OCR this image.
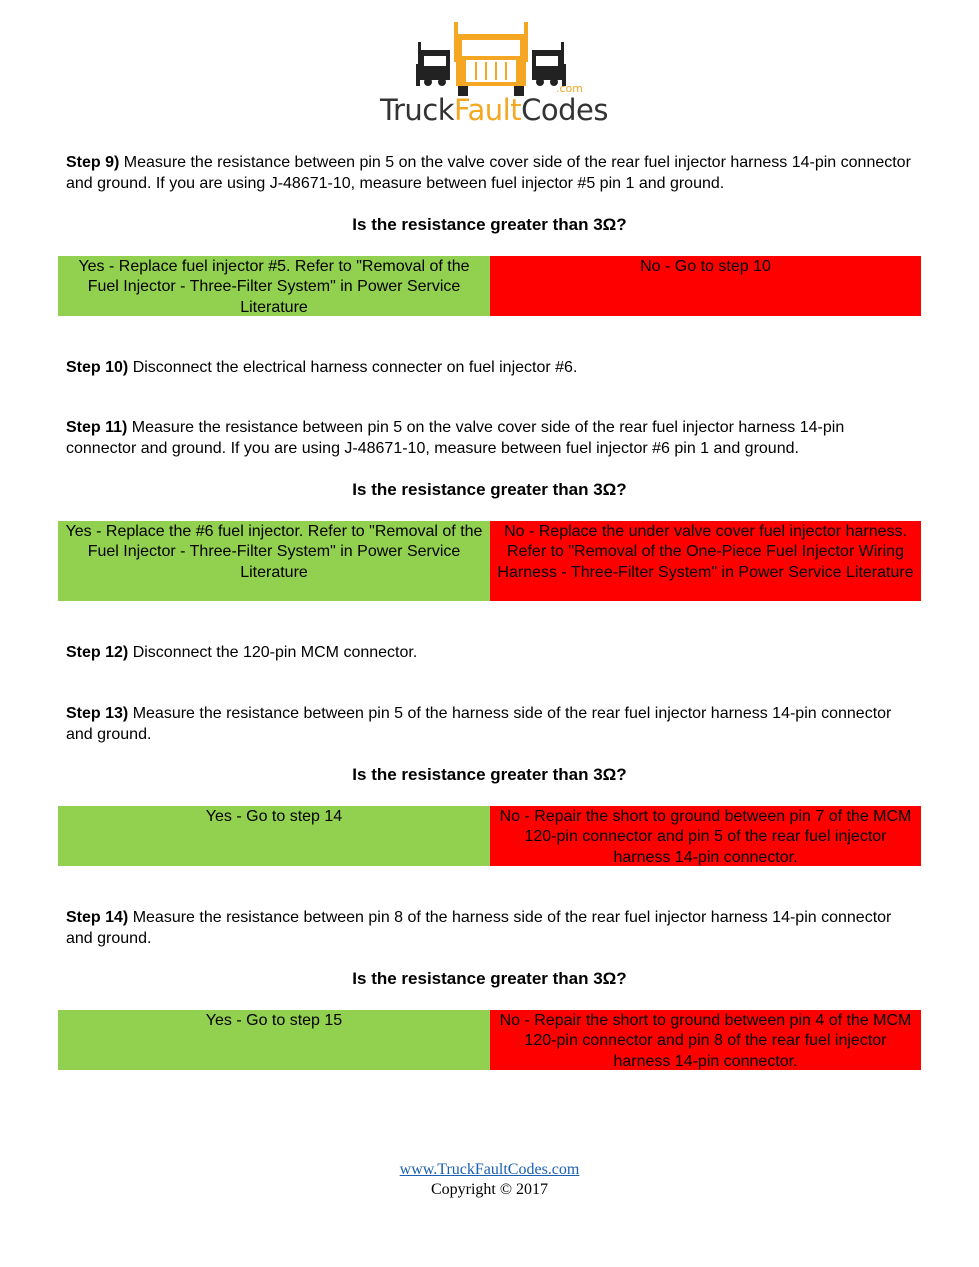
.com
TruckFaultCodes
Step 9) Measure the resistance between pin 5 on the valve cover side of the rear fuel injector harness 14-pin connector and ground. If you are using J-48671-10, measure between fuel injector #5 pin 1 and ground.
Is the resistance greater than 3Ω?
Yes - Replace fuel injector #5. Refer to "Removal of the Fuel Injector - Three-Filter System" in Power Service Literature
No - Go to step 10
Step 10) Disconnect the electrical harness connecter on fuel injector #6.
Step 11) Measure the resistance between pin 5 on the valve cover side of the rear fuel injector harness 14-pin connector and ground. If you are using J-48671-10, measure between fuel injector #6 pin 1 and ground.
Is the resistance greater than 3Ω?
Yes - Replace the #6 fuel injector. Refer to "Removal of the Fuel Injector - Three-Filter System" in Power Service Literature
No - Replace the under valve cover fuel injector harness. Refer to "Removal of the One-Piece Fuel Injector Wiring Harness - Three-Filter System" in Power Service Literature
Step 12) Disconnect the 120-pin MCM connector.
Step 13) Measure the resistance between pin 5 of the harness side of the rear fuel injector harness 14-pin connector and ground.
Is the resistance greater than 3Ω?
Yes - Go to step 14	No - Repair the short to ground between pin 7 of the MCM 120-pin connector and pin 5 of the rear fuel injector harness 14-pin connector.
Step 14) Measure the resistance between pin 8 of the harness side of the rear fuel injector harness 14-pin connector and ground.
Is the resistance greater than 3Ω?
Yes - Go to step 15	No - Repair the short to ground between pin 4 of the MCM 120-pin connector and pin 8 of the rear fuel injector harness 14-pin connector.
www.TruckFaultCodes.com
Copyright © 2017
